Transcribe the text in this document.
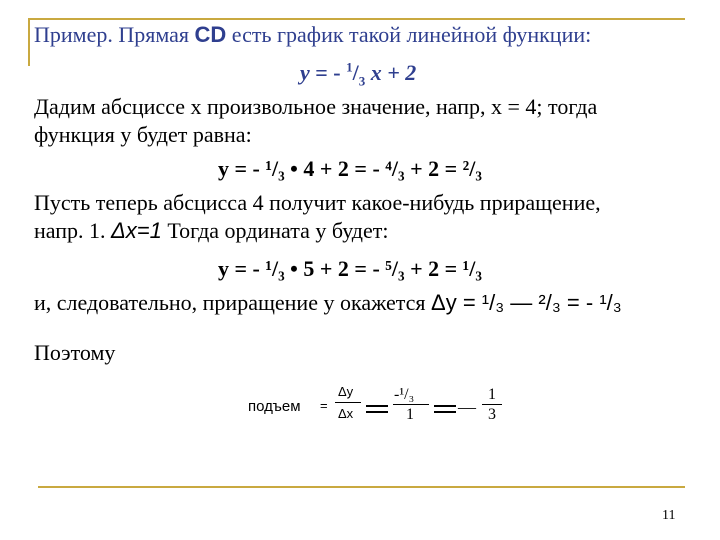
Пример. Прямая CD есть график такой линейной функции:
y = - $^1/_3$ x + 2
Дадим абсциссе x произвольное значение, напр, x = 4; тогда
функция у будет равна:
y = - ¹/₃ • 4 + 2 = - ⁴/₃ + 2 = ²/₃
Пусть теперь абсцисса 4 получит какое-нибудь приращение,
напр. 1. Δx=1 Тогда ордината y будет:
y = - ¹/₃ • 5 + 2 = - ⁵/₃ + 2 = ¹/₃
и, следовательно, приращение y окажется Δy = ¹/₃ — ²/₃ = - ¹/₃
Поэтому
подъем =
Δy
Δx
-¹/₃
1 —
1
3
11
